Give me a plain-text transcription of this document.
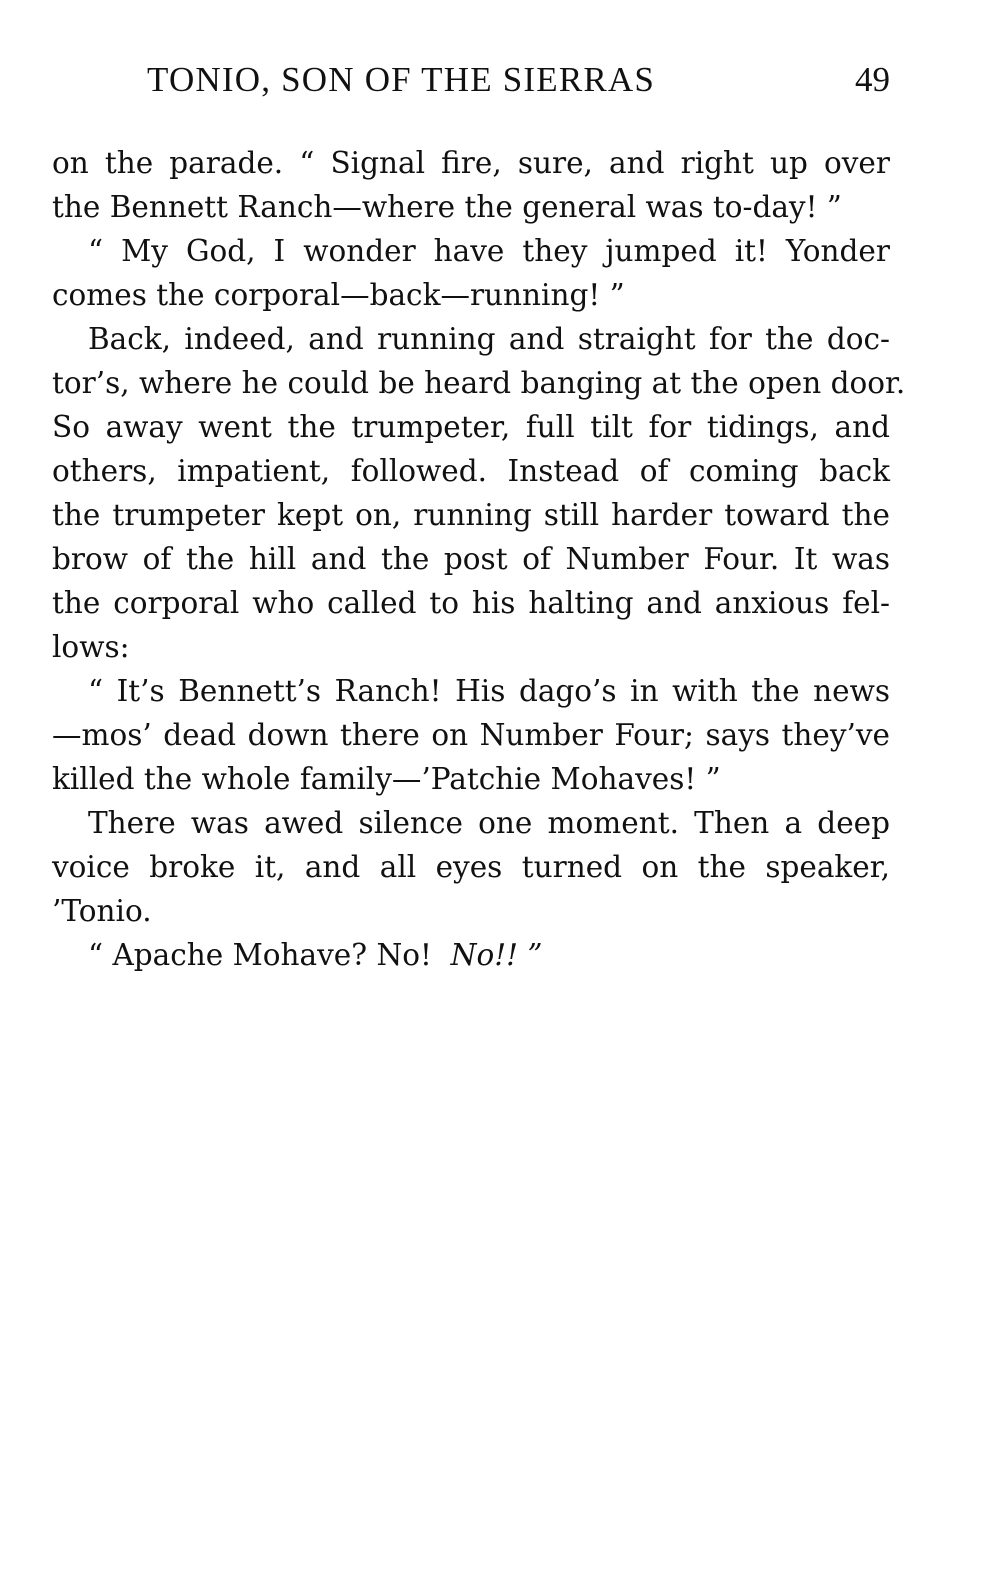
TONIO, SON OF THE SIERRAS	49
on the parade. “ Signal fire, sure, and right up over
the Bennett Ranch—where the general was to-day! ”
“ My God, I wonder have they jumped it! Yonder
comes the corporal—back—running! ”
Back, indeed, and running and straight for the doc-
tor’s, where he could be heard banging at the open door.
So away went the trumpeter, full tilt for tidings, and
others, impatient, followed. Instead of coming back
the trumpeter kept on, running still harder toward the
brow of the hill and the post of Number Four. It was
the corporal who called to his halting and anxious fel-
lows:
“ It’s Bennett’s Ranch! His dago’s in with the news
—mos’ dead down there on Number Four; says they’ve
killed the whole family—’Patchie Mohaves! ”
There was awed silence one moment. Then a deep
voice broke it, and all eyes turned on the speaker,
’Tonio.
“ Apache Mohave? No! No!! ”
